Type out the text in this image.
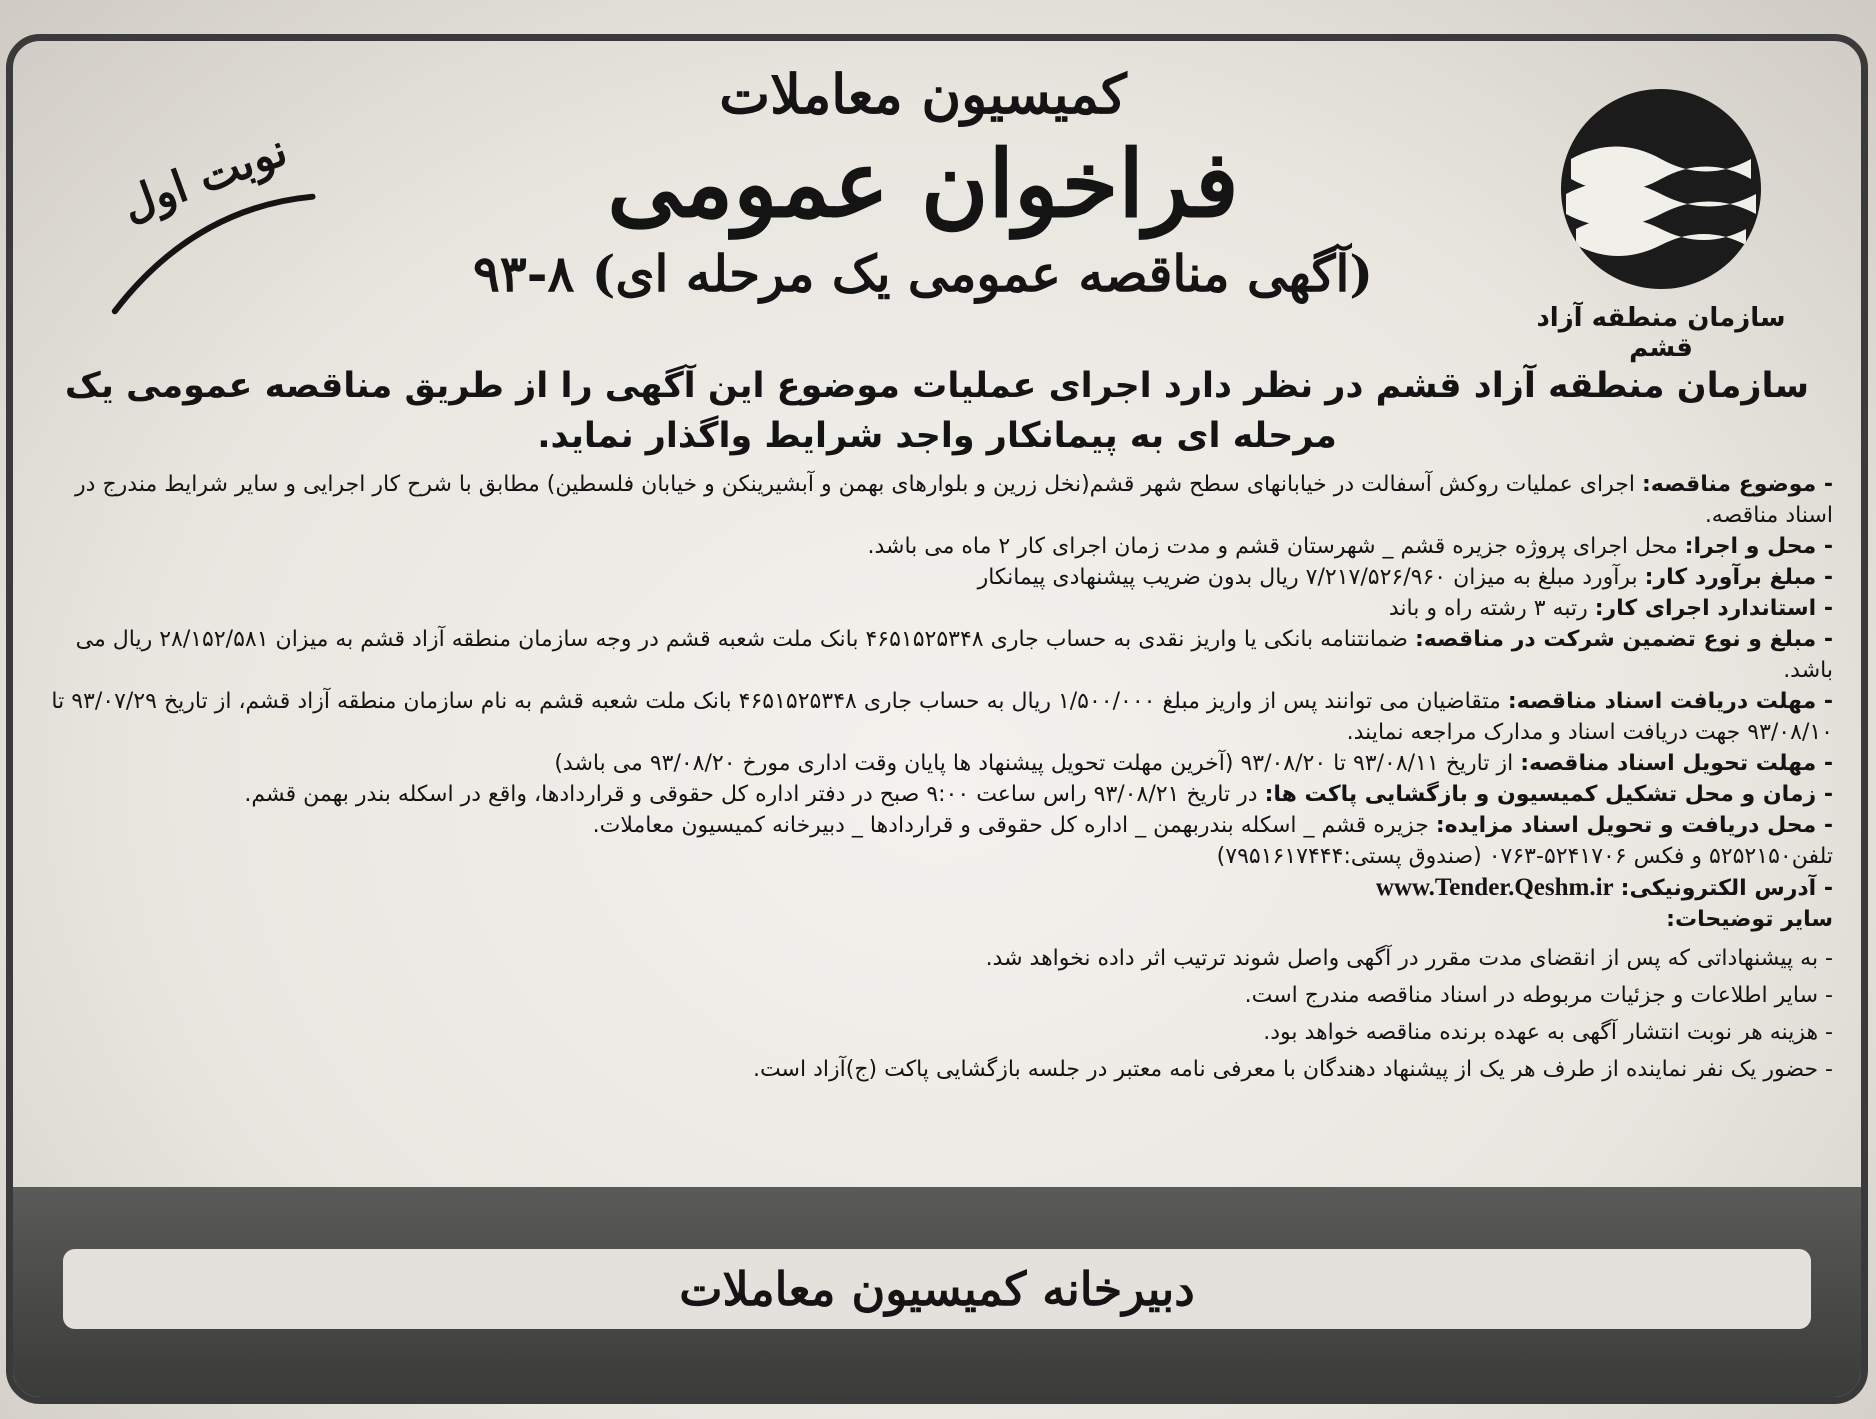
سازمان منطقه آزاد قشم
کمیسیون معاملات
فراخوان عمومی
(آگهی مناقصه عمومی یک مرحله ای) ۸-۹۳
نوبت اول
سازمان منطقه آزاد قشم در نظر دارد اجرای عملیات موضوع این آگهی را از طریق مناقصه عمومی یک مرحله ای به پیمانکار واجد شرایط واگذار نماید.

- موضوع مناقصه: اجرای عملیات روکش آسفالت در خیابانهای سطح شهر قشم(نخل زرین و بلوارهای بهمن و آبشیرینکن و خیابان فلسطین) مطابق با شرح کار اجرایی و سایر شرایط مندرج در اسناد مناقصه.

- محل و اجرا: محل اجرای پروژه جزیره قشم _ شهرستان قشم و مدت زمان اجرای کار ۲ ماه می باشد.

- مبلغ برآورد کار: برآورد مبلغ به میزان ۷/۲۱۷/۵۲۶/۹۶۰ ریال بدون ضریب پیشنهادی پیمانکار

- استاندارد اجرای کار: رتبه ۳ رشته راه و باند

- مبلغ و نوع تضمین شرکت در مناقصه: ضمانتنامه بانکی یا واریز نقدی به حساب جاری ۴۶۵۱۵۲۵۳۴۸ بانک ملت شعبه قشم در وجه سازمان منطقه آزاد قشم به میزان ۲۸/۱۵۲/۵۸۱ ریال می باشد.

- مهلت دریافت اسناد مناقصه: متقاضیان می توانند پس از واریز مبلغ ۱/۵۰۰/۰۰۰ ریال به حساب جاری ۴۶۵۱۵۲۵۳۴۸ بانک ملت شعبه قشم به نام سازمان منطقه آزاد قشم، از تاریخ ۹۳/۰۷/۲۹ تا ۹۳/۰۸/۱۰ جهت دریافت اسناد و مدارک مراجعه نمایند.

- مهلت تحویل اسناد مناقصه: از تاریخ ۹۳/۰۸/۱۱ تا ۹۳/۰۸/۲۰ (آخرین مهلت تحویل پیشنهاد ها پایان وقت اداری مورخ ۹۳/۰۸/۲۰ می باشد)

- زمان و محل تشکیل کمیسیون و بازگشایی پاکت ها: در تاریخ ۹۳/۰۸/۲۱ راس ساعت ۹:۰۰ صبح در دفتر اداره کل حقوقی و قراردادها، واقع در اسکله بندر بهمن قشم.

- محل دریافت و تحویل اسناد مزایده: جزیره قشم _ اسکله بندربهمن _ اداره کل حقوقی و قراردادها _ دبیرخانه کمیسیون معاملات.

تلفن۵۲۵۲۱۵۰ و فکس ۵۲۴۱۷۰۶-۰۷۶۳ (صندوق پستی:۷۹۵۱۶۱۷۴۴۴)

- آدرس الکترونیکی: www.Tender.Qeshm.ir

سایر توضیحات:

- به پیشنهاداتی که پس از انقضای مدت مقرر در آگهی واصل شوند ترتیب اثر داده نخواهد شد.

- سایر اطلاعات و جزئیات مربوطه در اسناد مناقصه مندرج است.

- هزینه هر نوبت انتشار آگهی به عهده برنده مناقصه خواهد بود.

- حضور یک نفر نماینده از طرف هر یک از پیشنهاد دهندگان با معرفی نامه معتبر در جلسه بازگشایی پاکت (ج)آزاد است.

دبیرخانه کمیسیون معاملات
